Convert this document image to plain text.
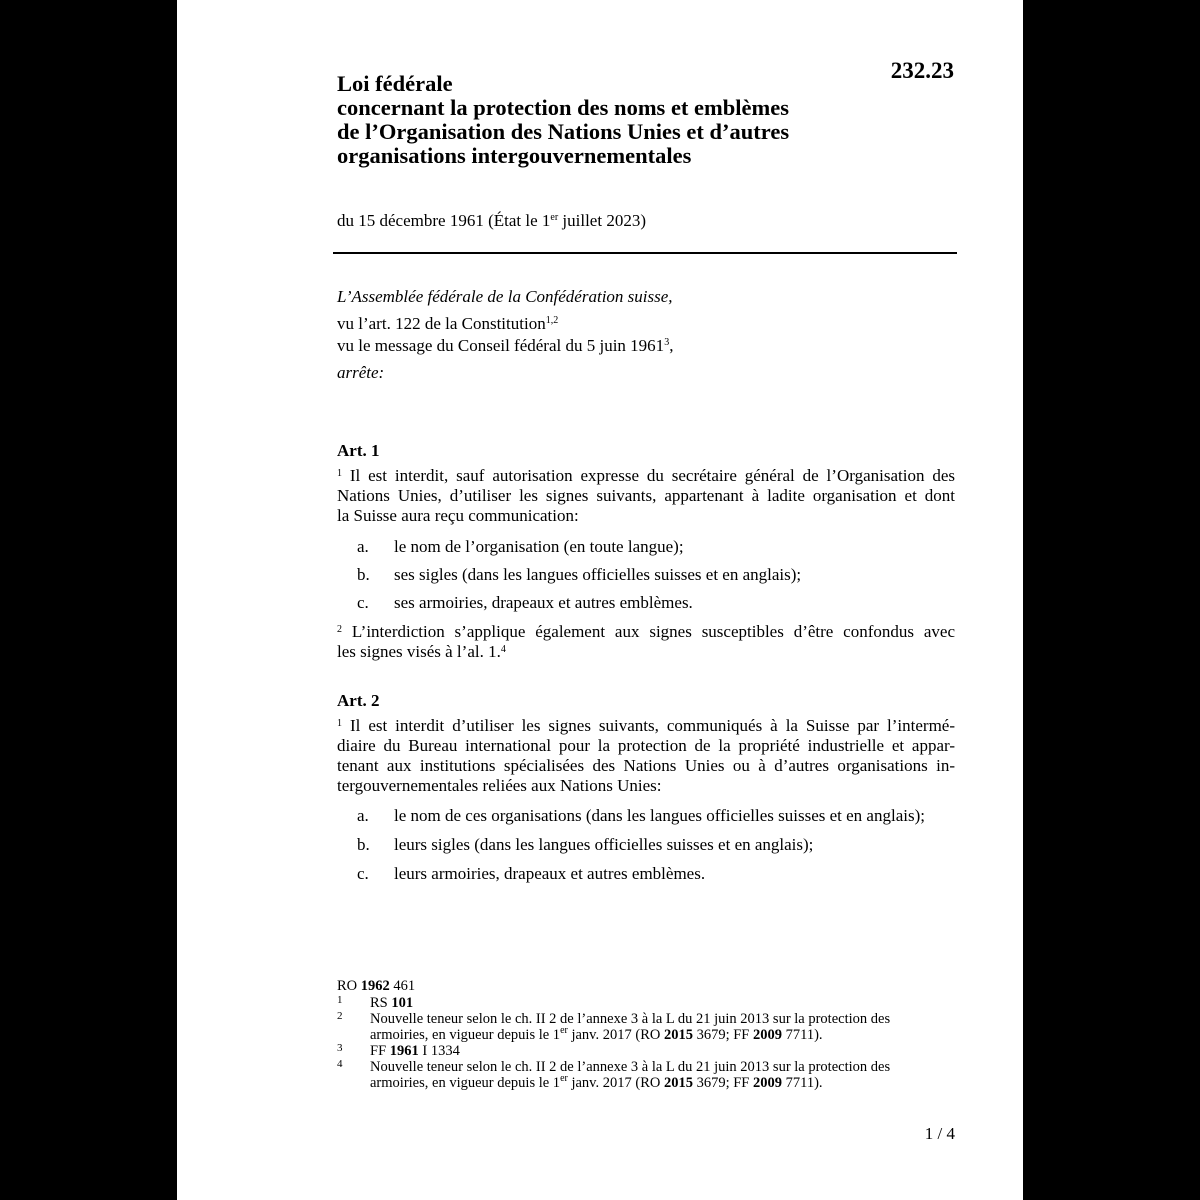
232.23
Loi fédérale
concernant la protection des noms et emblèmes
de l’Organisation des Nations Unies et d’autres
organisations intergouvernementales
du 15 décembre 1961 (État le 1er juillet 2023)
L’Assemblée fédérale de la Confédération suisse,
vu l’art. 122 de la Constitution$^{1,2}$
vu le message du Conseil fédéral du 5 juin 1961$^3$,
arrête:
Art. 1
$^1$ Il est interdit, sauf autorisation expresse du secrétaire général de l’Organisation des
Nations Unies, d’utiliser les signes suivants, appartenant à ladite organisation et dont
la Suisse aura reçu communication:
a. le nom de l’organisation (en toute langue);
b. ses sigles (dans les langues officielles suisses et en anglais);
c. ses armoiries, drapeaux et autres emblèmes.
$^2$ L’interdiction s’applique également aux signes susceptibles d’être confondus avec
les signes visés à l’al. 1.$^4$
Art. 2
$^1$ Il est interdit d’utiliser les signes suivants, communiqués à la Suisse par l’intermé-
diaire du Bureau international pour la protection de la propriété industrielle et appar-
tenant aux institutions spécialisées des Nations Unies ou à d’autres organisations in-
tergouvernementales reliées aux Nations Unies:
a. le nom de ces organisations (dans les langues officielles suisses et en anglais);
b. leurs sigles (dans les langues officielles suisses et en anglais);
c. leurs armoiries, drapeaux et autres emblèmes.
RO 1962 461
1 RS 101
2 Nouvelle teneur selon le ch. II 2 de l’annexe 3 à la L du 21 juin 2013 sur la protection des
armoiries, en vigueur depuis le 1er janv. 2017 (RO 2015 3679; FF 2009 7711).
3 FF 1961 I 1334
4 Nouvelle teneur selon le ch. II 2 de l’annexe 3 à la L du 21 juin 2013 sur la protection des
armoiries, en vigueur depuis le 1er janv. 2017 (RO 2015 3679; FF 2009 7711).
1 / 4
